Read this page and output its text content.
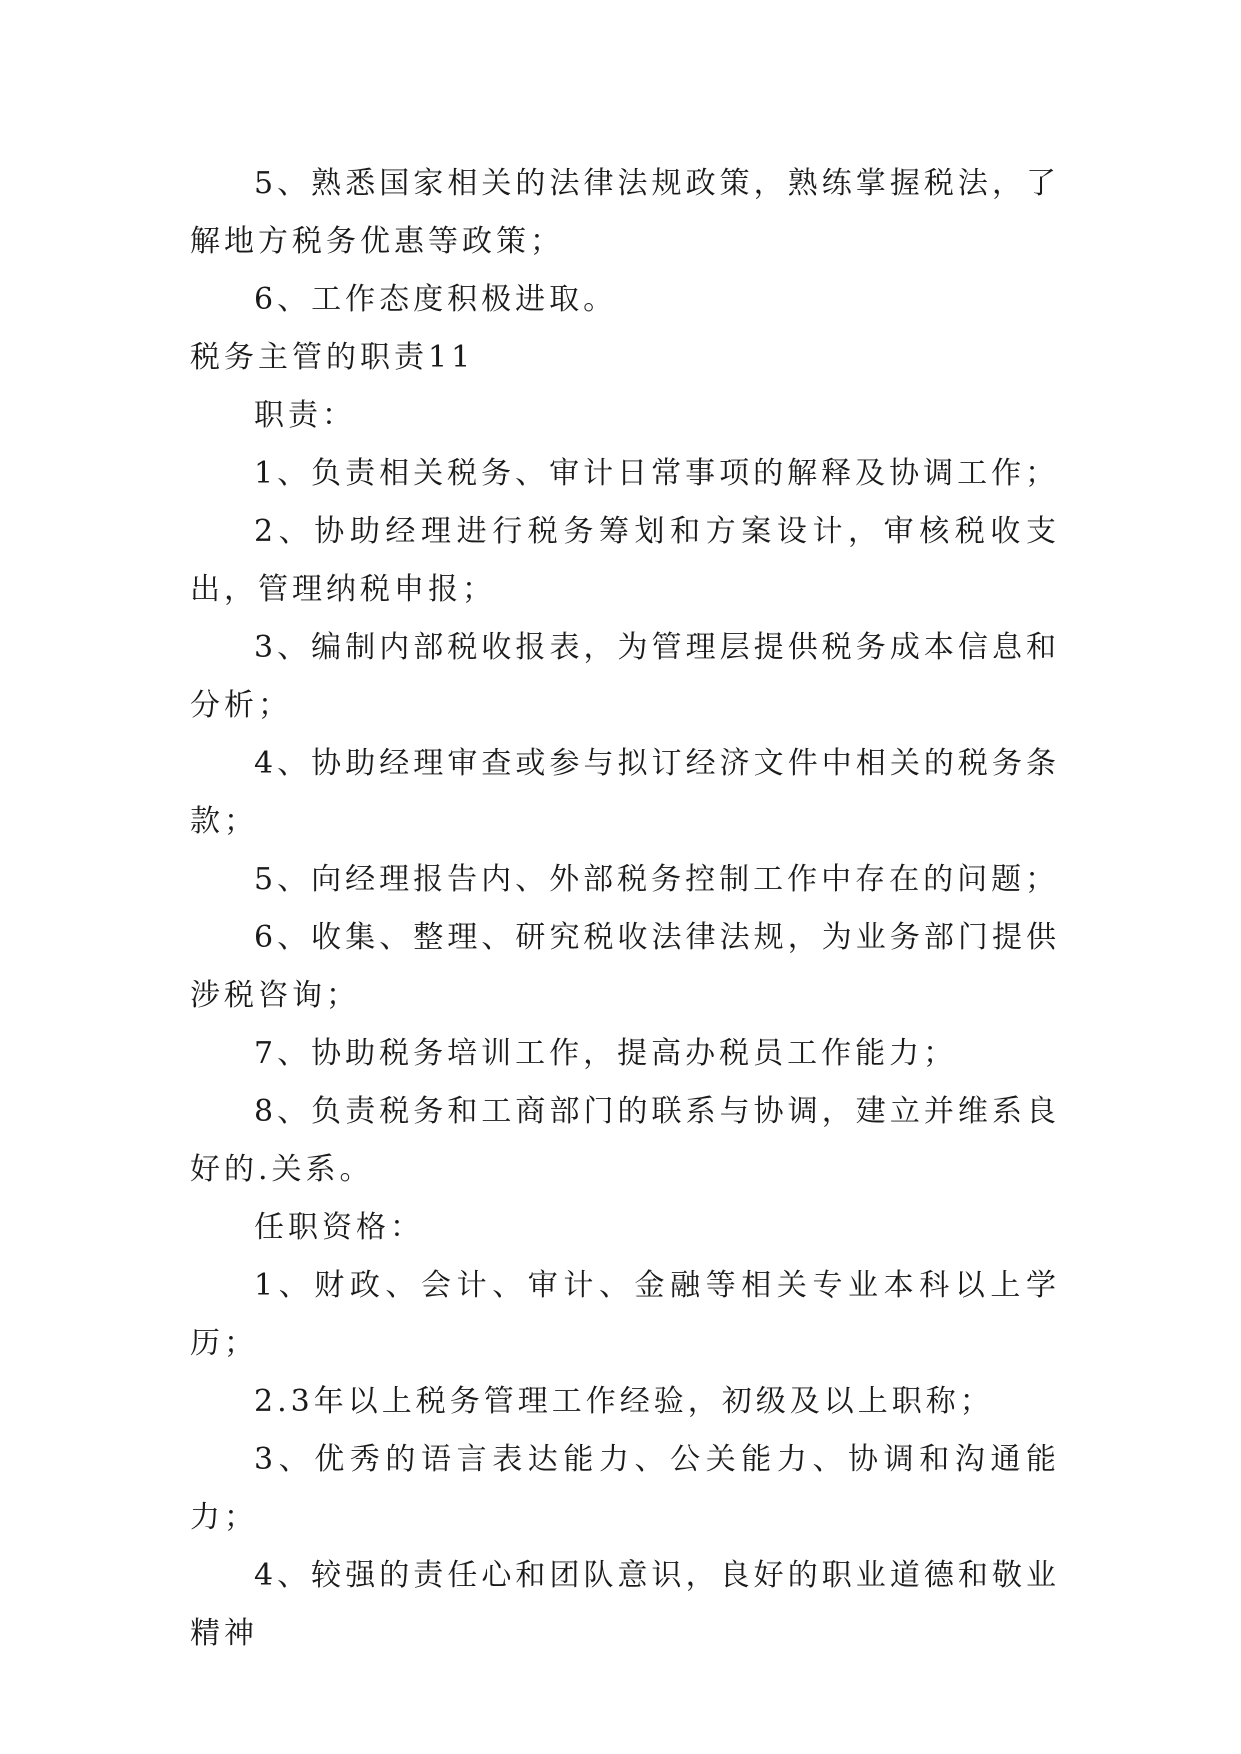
5、熟悉国家相关的法律法规政策，熟练掌握税法，了解地方税务优惠等政策；

6、工作态度积极进取。

税务主管的职责11

职责：

1、负责相关税务、审计日常事项的解释及协调工作；

2、协助经理进行税务筹划和方案设计，审核税收支出，管理纳税申报；

3、编制内部税收报表，为管理层提供税务成本信息和分析；

4、协助经理审查或参与拟订经济文件中相关的税务条款；

5、向经理报告内、外部税务控制工作中存在的问题；

6、收集、整理、研究税收法律法规，为业务部门提供涉税咨询；

7、协助税务培训工作，提高办税员工作能力；

8、负责税务和工商部门的联系与协调，建立并维系良好的.关系。

任职资格：

1、财政、会计、审计、金融等相关专业本科以上学历；

2.3年以上税务管理工作经验，初级及以上职称；

3、优秀的语言表达能力、公关能力、协调和沟通能力；

4、较强的责任心和团队意识，良好的职业道德和敬业精神
